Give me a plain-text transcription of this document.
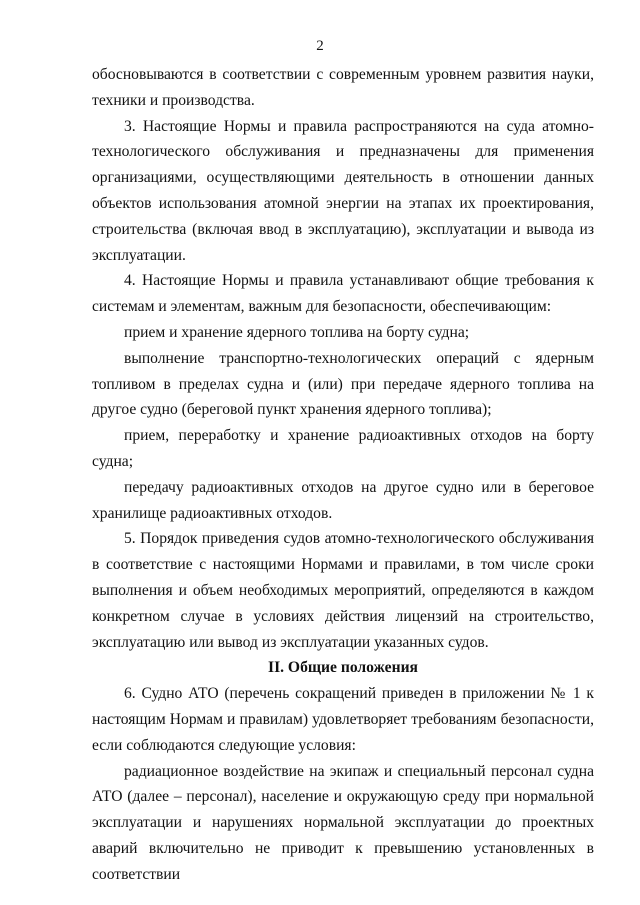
2

обосновываются в соответствии с современным уровнем развития науки, техники и производства.

3. Настоящие Нормы и правила распространяются на суда атомно-технологического обслуживания и предназначены для применения организациями, осуществляющими деятельность в отношении данных объектов использования атомной энергии на этапах их проектирования, строительства (включая ввод в эксплуатацию), эксплуатации и вывода из эксплуатации.

4. Настоящие Нормы и правила устанавливают общие требования к системам и элементам, важным для безопасности, обеспечивающим:

прием и хранение ядерного топлива на борту судна;

выполнение транспортно-технологических операций с ядерным топливом в пределах судна и (или) при передаче ядерного топлива на другое судно (береговой пункт хранения ядерного топлива);

прием, переработку и хранение радиоактивных отходов на борту судна;

передачу радиоактивных отходов на другое судно или в береговое хранилище радиоактивных отходов.

5. Порядок приведения судов атомно-технологического обслуживания в соответствие с настоящими Нормами и правилами, в том числе сроки выполнения и объем необходимых мероприятий, определяются в каждом конкретном случае в условиях действия лицензий на строительство, эксплуатацию или вывод из эксплуатации указанных судов.

II. Общие положения

6. Судно АТО (перечень сокращений приведен в приложении № 1 к настоящим Нормам и правилам) удовлетворяет требованиям безопасности, если соблюдаются следующие условия:

радиационное воздействие на экипаж и специальный персонал судна АТО (далее – персонал), население и окружающую среду при нормальной эксплуатации и нарушениях нормальной эксплуатации до проектных аварий включительно не приводит к превышению установленных в соответствии
